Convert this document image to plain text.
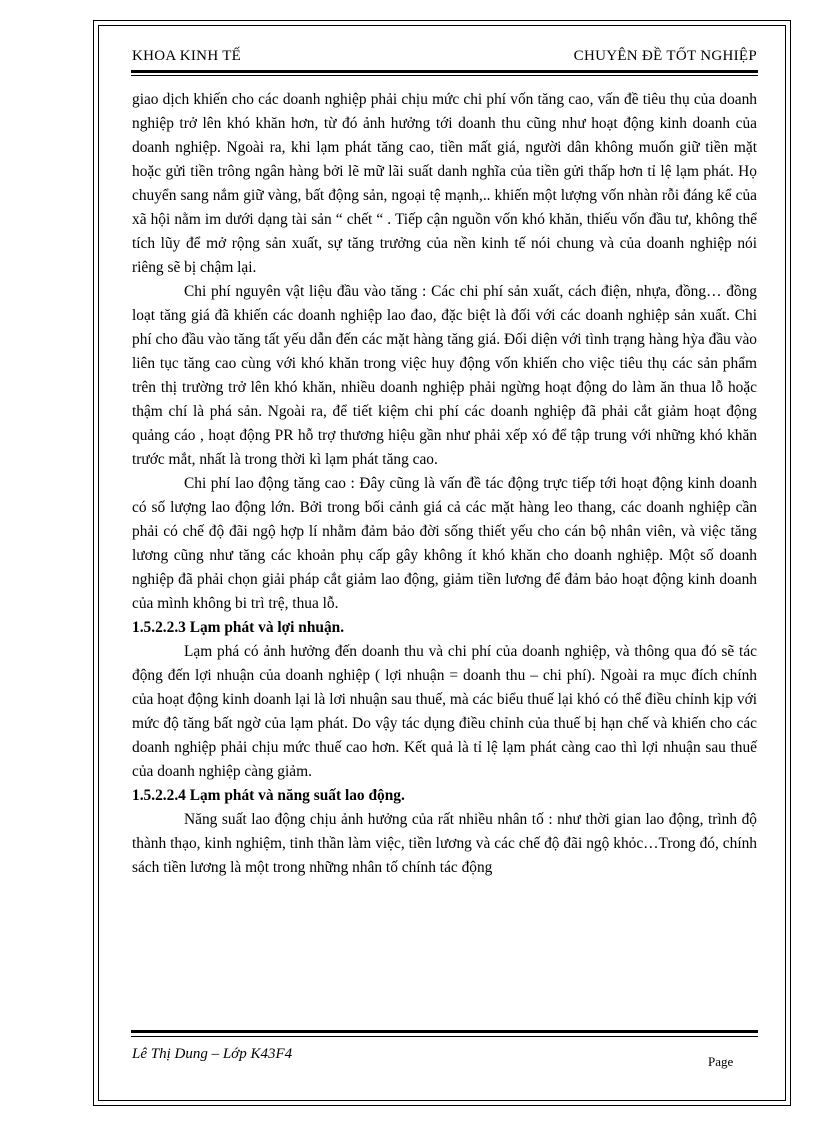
KHOA KINH TẾ	CHUYÊN ĐỀ TỐT NGHIỆP

giao dịch khiến cho các doanh nghiệp phải chịu mức chi phí vốn tăng cao, vấn đề tiêu thụ của doanh nghiệp trở lên khó khăn hơn, từ đó ảnh hưởng tới doanh thu cũng như hoạt động kinh doanh của doanh nghiệp. Ngoài ra, khi lạm phát tăng cao, tiền mất giá, người dân không muốn giữ tiền mặt hoặc gửi tiền trông ngân hàng bởi lẽ mữ lãi suất danh nghĩa của tiền gửi thấp hơn tỉ lệ lạm phát. Họ chuyển sang nắm giữ vàng, bất động sản, ngoại tệ mạnh,.. khiến một lượng vốn nhàn rỗi đáng kể của xã hội nằm im dưới dạng tài sản “ chết “ . Tiếp cận nguồn vốn khó khăn, thiếu vốn đầu tư, không thể tích lũy để mở rộng sản xuất, sự tăng trưởng của nền kinh tế nói chung và của doanh nghiệp nói riêng sẽ bị chậm lại.

Chi phí nguyên vật liệu đầu vào tăng : Các chi phí sản xuất, cách điện, nhựa, đồng… đồng loạt tăng giá đã khiến các doanh nghiệp lao đao, đặc biệt là đối với các doanh nghiệp sản xuất. Chi phí cho đầu vào tăng tất yếu dẫn đến các mặt hàng tăng giá. Đối diện với tình trạng hàng hỳa đầu vào liên tục tăng cao cùng với khó khăn trong việc huy động vốn khiến cho việc tiêu thụ các sản phẩm trên thị trường trở lên khó khăn, nhiều doanh nghiệp phải ngừng hoạt động do làm ăn thua lỗ hoặc thậm chí là phá sản. Ngoài ra, để tiết kiệm chi phí các doanh nghiệp đã phải cắt giảm hoạt động quảng cáo , hoạt động PR hỗ trợ thương hiệu gần như phải xếp xó để tập trung với những khó khăn trước mắt, nhất là trong thời kì lạm phát tăng cao.

Chi phí lao động tăng cao : Đây cũng là vấn đề tác động trực tiếp tới hoạt động kinh doanh có số lượng lao động lớn. Bởi trong bối cảnh giá cả các mặt hàng leo thang, các doanh nghiệp cần phải có chế độ đãi ngộ hợp lí nhằm đảm bảo đời sống thiết yếu cho cán bộ nhân viên, và việc tăng lương cũng như tăng các khoản phụ cấp gây không ít khó khăn cho doanh nghiệp. Một số doanh nghiệp đã phải chọn giải pháp cắt giảm lao động, giảm tiền lương để đảm bảo hoạt động kinh doanh của mình không bi trì trệ, thua lỗ.

1.5.2.2.3 Lạm phát và lợi nhuận.

Lạm phá có ảnh hưởng đến doanh thu và chi phí của doanh nghiệp, và thông qua đó sẽ tác động đến lợi nhuận của doanh nghiệp ( lợi nhuận = doanh thu – chi phí). Ngoài ra mục đích chính của hoạt động kinh doanh lại là lơi nhuận sau thuế, mà các biểu thuế lại khó có thể điều chỉnh kịp với mức độ tăng bất ngờ của lạm phát. Do vậy tác dụng điều chỉnh của thuế bị hạn chế và khiến cho các doanh nghiệp phải chịu mức thuế cao hơn. Kết quả là tỉ lệ lạm phát càng cao thì lợi nhuận sau thuế của doanh nghiệp càng giảm.

1.5.2.2.4 Lạm phát và năng suất lao động.

Năng suất lao động chịu ảnh hưởng của rất nhiều nhân tố : như thời gian lao động, trình độ thành thạo, kinh nghiệm, tinh thần làm việc, tiền lương và các chế độ đãi ngộ khỏc…Trong đó, chính sách tiền lương là một trong những nhân tố chính tác động

Lê Thị Dung – Lớp K43F4	Page
